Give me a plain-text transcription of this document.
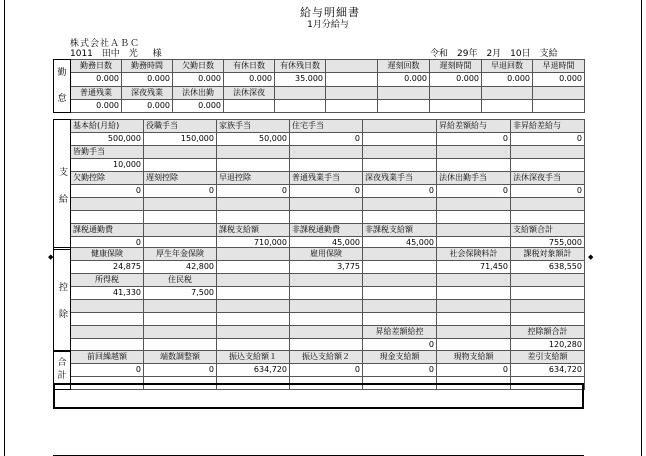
給与明細書
1月分給与
株式会社ＡＢＣ
1011 田中　光 様	令和　29年　2月　10日　支給
勤 怠	勤務日数	勤務時間	欠勤日数	有休日数	有休残日数		遅刻回数	遅刻時間	早退回数	早退時間
	0.000	0.000	0.000	0.000	35.000		0.000	0.000	0.000	0.000
	普通残業	深夜残業	法休出勤	法休深夜						
	0.000	0.000	0.000							
支　　給	基本給(月給)	役職手当	家族手当	住宅手当		昇給差額給与	非昇給差給与
	500,000	150,000	50,000	0		0	0
	皆勤手当						
	10,000						
	欠勤控除	遅刻控除	早退控除	普通残業手当	深夜残業手当	法休出勤手当	法休深夜手当
	0	0	0	0	0	0	0

	課税通勤費		課税支給額	非課税通勤費	非課税支給額		支給額合計
	0		710,000	45,000	45,000		755,000
控　　除	健康保険	厚生年金保険		雇用保険		社会保険料計	課税対象額計
	24,875	42,800		3,775		71,450	638,550
	所得税	住民税					
	41,330	7,500					

					昇給差額給控		控除額合計
					0		120,280
合 計	前回繰越額	端数調整額	振込支給額１	振込支給額２	現金支給額	現物支給額	差引支給額
	0	0	634,720	0	0	0	634,720

◆	◆
